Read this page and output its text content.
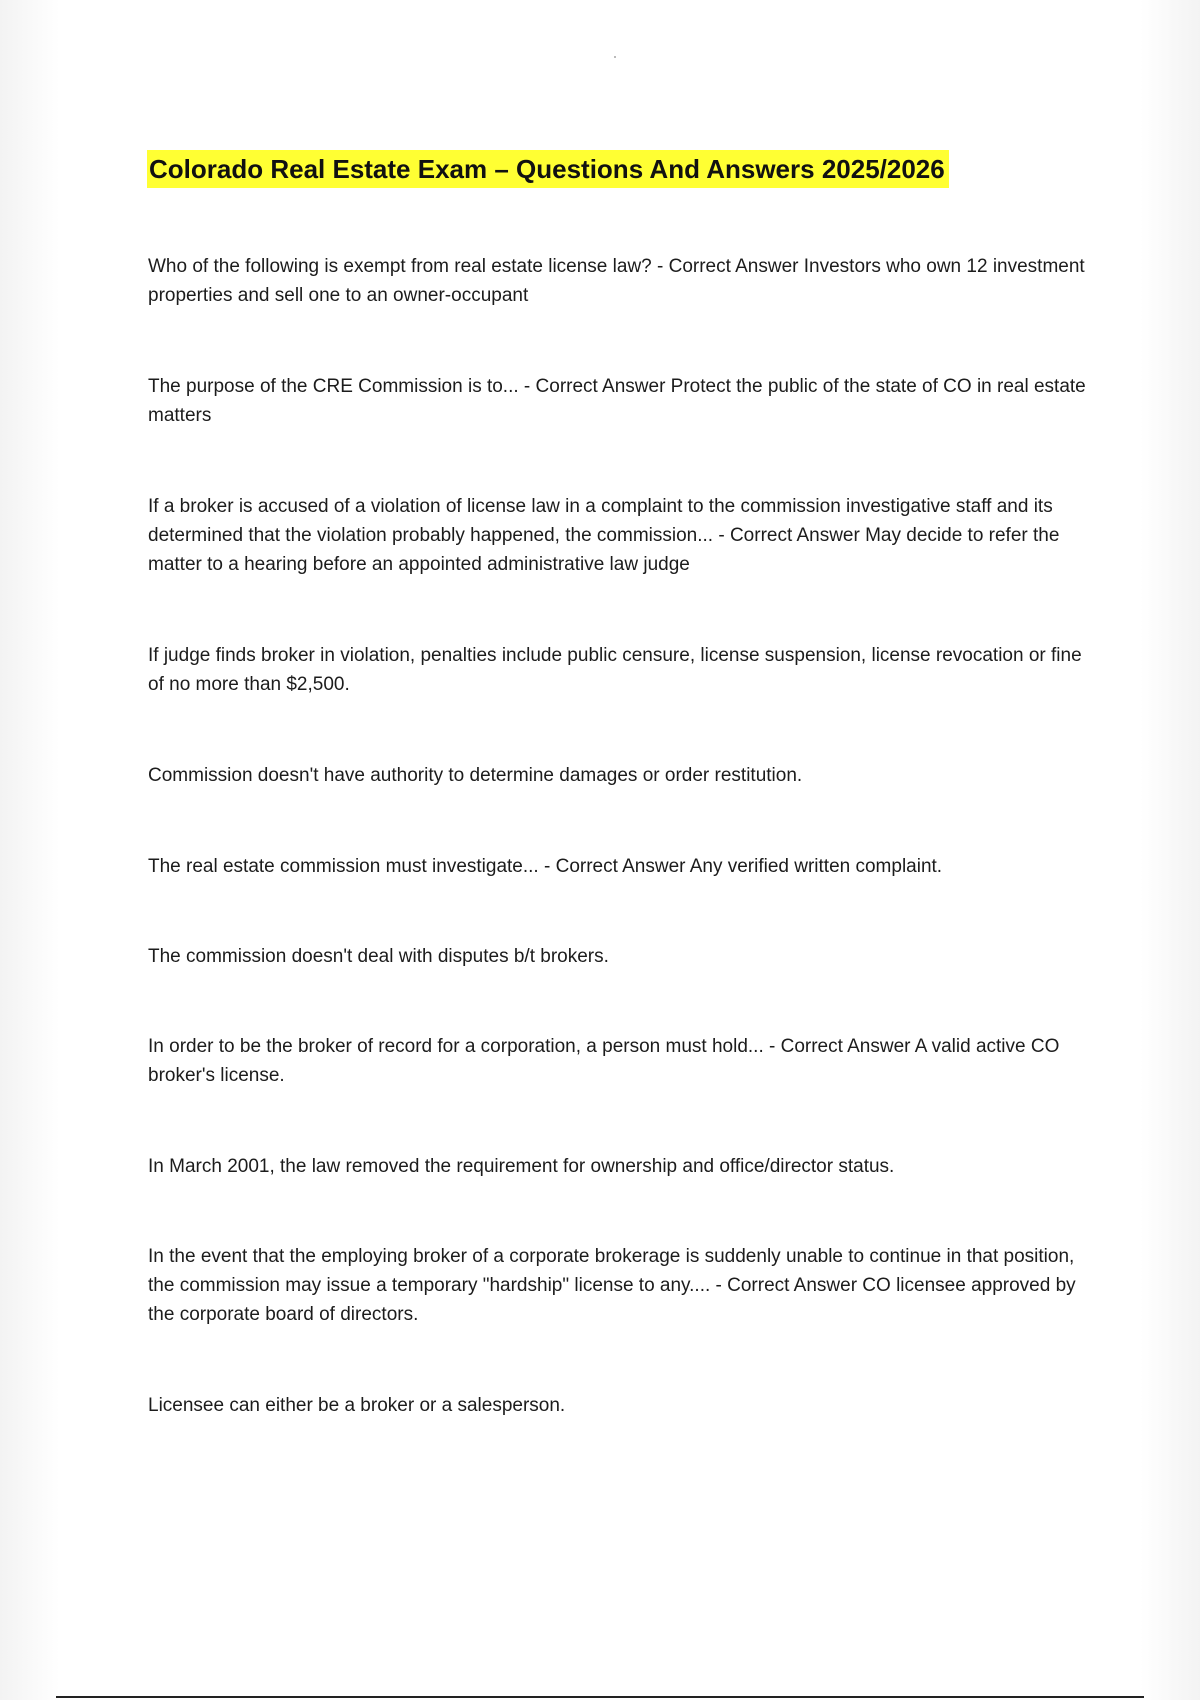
Colorado Real Estate Exam – Questions And Answers 2025/2026
Who of the following is exempt from real estate license law? - Correct Answer Investors who own 12 investment properties and sell one to an owner-occupant
The purpose of the CRE Commission is to... - Correct Answer Protect the public of the state of CO in real estate matters
If a broker is accused of a violation of license law in a complaint to the commission investigative staff and its determined that the violation probably happened, the commission... - Correct Answer May decide to refer the matter to a hearing before an appointed administrative law judge
If judge finds broker in violation, penalties include public censure, license suspension, license revocation or fine of no more than $2,500.
Commission doesn't have authority to determine damages or order restitution.
The real estate commission must investigate... - Correct Answer Any verified written complaint.
The commission doesn't deal with disputes b/t brokers.
In order to be the broker of record for a corporation, a person must hold... - Correct Answer A valid active CO broker's license.
In March 2001, the law removed the requirement for ownership and office/director status.
In the event that the employing broker of a corporate brokerage is suddenly unable to continue in that position, the commission may issue a temporary "hardship" license to any.... - Correct Answer CO licensee approved by the corporate board of directors.
Licensee can either be a broker or a salesperson.
